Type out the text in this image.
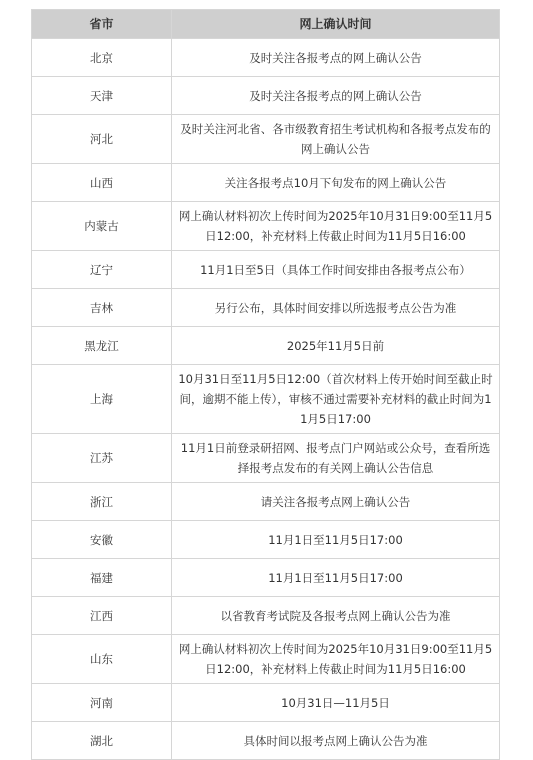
省市	网上确认时间
北京	及时关注各报考点的网上确认公告
天津	及时关注各报考点的网上确认公告
河北	及时关注河北省、各市级教育招生考试机构和各报考点发布的网上确认公告
山西	关注各报考点10月下旬发布的网上确认公告
内蒙古	网上确认材料初次上传时间为2025年10月31日9:00至11月5日12:00，补充材料上传截止时间为11月5日16:00
辽宁	11月1日至5日（具体工作时间安排由各报考点公布）
吉林	另行公布，具体时间安排以所选报考点公告为准
黑龙江	2025年11月5日前
上海	10月31日至11月5日12:00（首次材料上传开始时间至截止时间，逾期不能上传），审核不通过需要补充材料的截止时间为11月5日17:00
江苏	11月1日前登录研招网、报考点门户网站或公众号，查看所选择报考点发布的有关网上确认公告信息
浙江	请关注各报考点网上确认公告
安徽	11月1日至11月5日17:00
福建	11月1日至11月5日17:00
江西	以省教育考试院及各报考点网上确认公告为准
山东	网上确认材料初次上传时间为2025年10月31日9:00至11月5日12:00，补充材料上传截止时间为11月5日16:00
河南	10月31日—11月5日
湖北	具体时间以报考点网上确认公告为准
